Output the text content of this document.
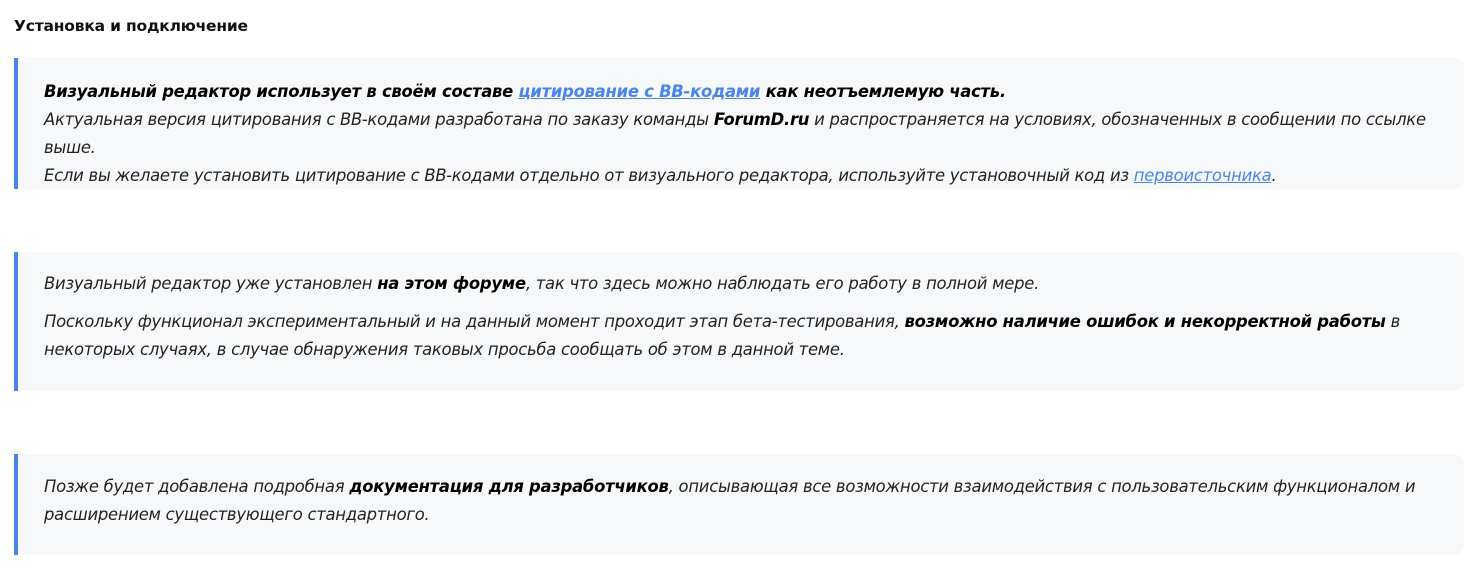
Установка и подключение

Визуальный редактор использует в своём составе цитирование с BB-кодами как неотъемлемую часть.

Актуальная версия цитирования с BB-кодами разработана по заказу команды ForumD.ru и распространяется на условиях, обозначенных в сообщении по ссылке выше.

Если вы желаете установить цитирование с BB-кодами отдельно от визуального редактора, используйте установочный код из первоисточника.

Визуальный редактор уже установлен на этом форуме, так что здесь можно наблюдать его работу в полной мере.

Поскольку функционал экспериментальный и на данный момент проходит этап бета-тестирования, возможно наличие ошибок и некорректной работы в некоторых случаях, в случае обнаружения таковых просьба сообщать об этом в данной теме.

Позже будет добавлена подробная документация для разработчиков, описывающая все возможности взаимодействия с пользовательским функционалом и расширением существующего стандартного.
